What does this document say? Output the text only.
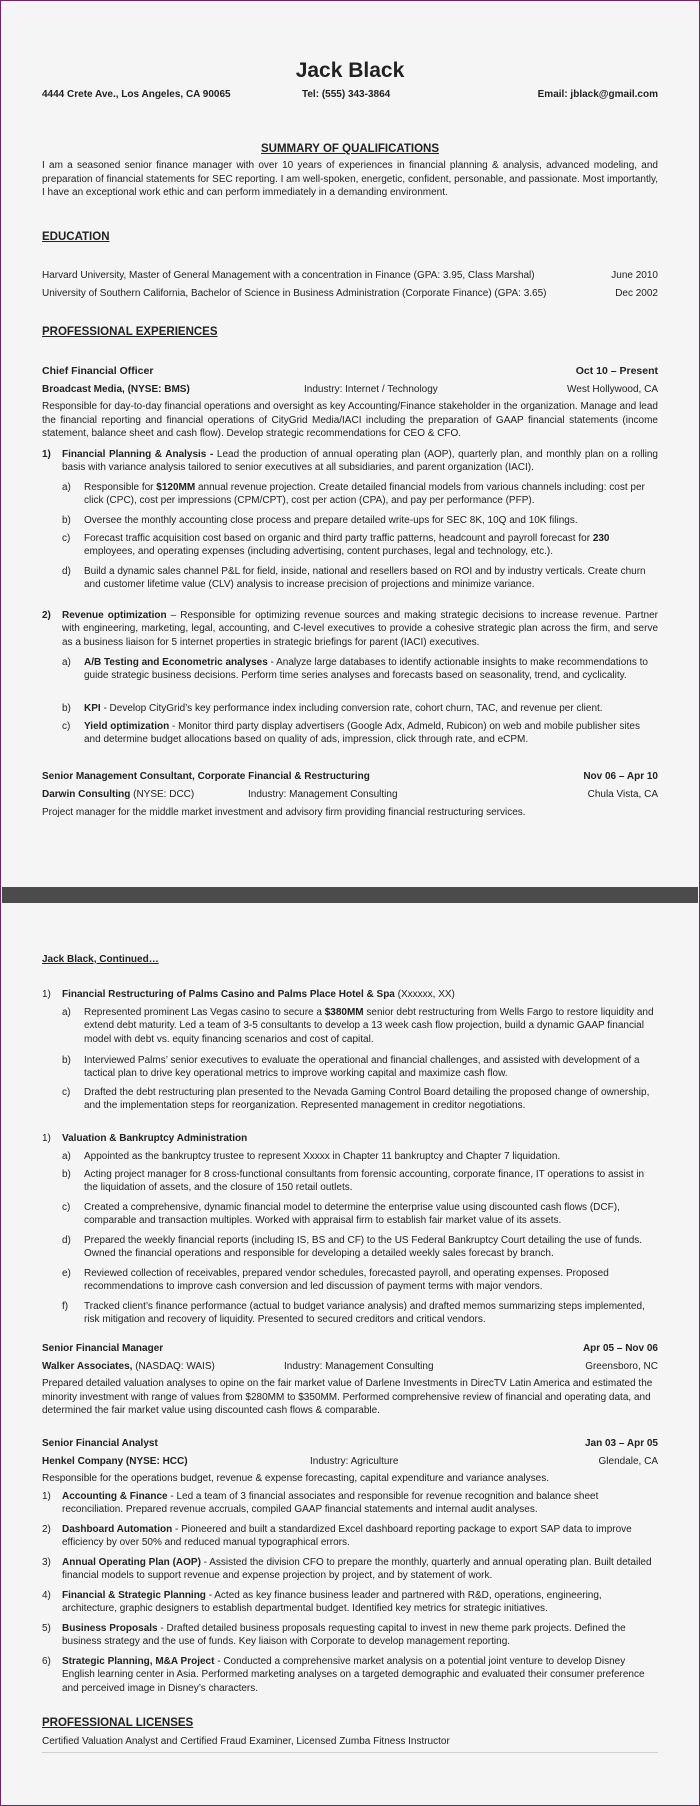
Jack Black
4444 Crete Ave., Los Angeles, CA 90065	Tel: (555) 343-3864	Email: jblack@gmail.com
SUMMARY OF QUALIFICATIONS
I am a seasoned senior finance manager with over 10 years of experiences in financial planning & analysis, advanced modeling, and preparation of financial statements for SEC reporting. I am well-spoken, energetic, confident, personable, and passionate. Most importantly, I have an exceptional work ethic and can perform immediately in a demanding environment.
EDUCATION
Harvard University, Master of General Management with a concentration in Finance (GPA: 3.95, Class Marshal)	June 2010
University of Southern California, Bachelor of Science in Business Administration (Corporate Finance) (GPA: 3.65)	Dec 2002
PROFESSIONAL EXPERIENCES
Chief Financial Officer	Oct 10 – Present
Broadcast Media, (NYSE: BMS)	Industry: Internet / Technology	West Hollywood, CA
Responsible for day-to-day financial operations and oversight as key Accounting/Finance stakeholder in the organization. Manage and lead the financial reporting and financial operations of CityGrid Media/IACI including the preparation of GAAP financial statements (income statement, balance sheet and cash flow). Develop strategic recommendations for CEO & CFO.
1) Financial Planning & Analysis - Lead the production of annual operating plan (AOP), quarterly plan, and monthly plan on a rolling basis with variance analysis tailored to senior executives at all subsidiaries, and parent organization (IACI).
a) Responsible for $120MM annual revenue projection. Create detailed financial models from various channels including: cost per click (CPC), cost per impressions (CPM/CPT), cost per action (CPA), and pay per performance (PFP).
b) Oversee the monthly accounting close process and prepare detailed write-ups for SEC 8K, 10Q and 10K filings.
c) Forecast traffic acquisition cost based on organic and third party traffic patterns, headcount and payroll forecast for 230 employees, and operating expenses (including advertising, content purchases, legal and technology, etc.).
d) Build a dynamic sales channel P&L for field, inside, national and resellers based on ROI and by industry verticals. Create churn and customer lifetime value (CLV) analysis to increase precision of projections and minimize variance.
2) Revenue optimization – Responsible for optimizing revenue sources and making strategic decisions to increase revenue. Partner with engineering, marketing, legal, accounting, and C-level executives to provide a cohesive strategic plan across the firm, and serve as a business liaison for 5 internet properties in strategic briefings for parent (IACI) executives.
a) A/B Testing and Econometric analyses - Analyze large databases to identify actionable insights to make recommendations to guide strategic business decisions. Perform time series analyses and forecasts based on seasonality, trend, and cyclicality.
b) KPI - Develop CityGrid’s key performance index including conversion rate, cohort churn, TAC, and revenue per client.
c) Yield optimization - Monitor third party display advertisers (Google Adx, Admeld, Rubicon) on web and mobile publisher sites and determine budget allocations based on quality of ads, impression, click through rate, and eCPM.
Senior Management Consultant, Corporate Financial & Restructuring	Nov 06 – Apr 10
Darwin Consulting (NYSE: DCC)	Industry: Management Consulting	Chula Vista, CA
Project manager for the middle market investment and advisory firm providing financial restructuring services.
Jack Black, Continued…
1) Financial Restructuring of Palms Casino and Palms Place Hotel & Spa (Xxxxxx, XX)
a) Represented prominent Las Vegas casino to secure a $380MM senior debt restructuring from Wells Fargo to restore liquidity and extend debt maturity. Led a team of 3-5 consultants to develop a 13 week cash flow projection, build a dynamic GAAP financial model with debt vs. equity financing scenarios and cost of capital.
b) Interviewed Palms’ senior executives to evaluate the operational and financial challenges, and assisted with development of a tactical plan to drive key operational metrics to improve working capital and maximize cash flow.
c) Drafted the debt restructuring plan presented to the Nevada Gaming Control Board detailing the proposed change of ownership, and the implementation steps for reorganization. Represented management in creditor negotiations.
1) Valuation & Bankruptcy Administration
a) Appointed as the bankruptcy trustee to represent Xxxxx in Chapter 11 bankruptcy and Chapter 7 liquidation.
b) Acting project manager for 8 cross-functional consultants from forensic accounting, corporate finance, IT operations to assist in the liquidation of assets, and the closure of 150 retail outlets.
c) Created a comprehensive, dynamic financial model to determine the enterprise value using discounted cash flows (DCF), comparable and transaction multiples. Worked with appraisal firm to establish fair market value of its assets.
d) Prepared the weekly financial reports (including IS, BS and CF) to the US Federal Bankruptcy Court detailing the use of funds. Owned the financial operations and responsible for developing a detailed weekly sales forecast by branch.
e) Reviewed collection of receivables, prepared vendor schedules, forecasted payroll, and operating expenses. Proposed recommendations to improve cash conversion and led discussion of payment terms with major vendors.
f) Tracked client’s finance performance (actual to budget variance analysis) and drafted memos summarizing steps implemented, risk mitigation and recovery of liquidity. Presented to secured creditors and critical vendors.
Senior Financial Manager	Apr 05 – Nov 06
Walker Associates, (NASDAQ: WAIS)	Industry: Management Consulting	Greensboro, NC
Prepared detailed valuation analyses to opine on the fair market value of Darlene Investments in DirecTV Latin America and estimated the minority investment with range of values from $280MM to $350MM. Performed comprehensive review of financial and operating data, and determined the fair market value using discounted cash flows & comparable.
Senior Financial Analyst	Jan 03 – Apr 05
Henkel Company (NYSE: HCC)	Industry: Agriculture	Glendale, CA
Responsible for the operations budget, revenue & expense forecasting, capital expenditure and variance analyses.
1) Accounting & Finance - Led a team of 3 financial associates and responsible for revenue recognition and balance sheet reconciliation. Prepared revenue accruals, compiled GAAP financial statements and internal audit analyses.
2) Dashboard Automation - Pioneered and built a standardized Excel dashboard reporting package to export SAP data to improve efficiency by over 50% and reduced manual typographical errors.
3) Annual Operating Plan (AOP) - Assisted the division CFO to prepare the monthly, quarterly and annual operating plan. Built detailed financial models to support revenue and expense projection by project, and by statement of work.
4) Financial & Strategic Planning - Acted as key finance business leader and partnered with R&D, operations, engineering, architecture, graphic designers to establish departmental budget. Identified key metrics for strategic initiatives.
5) Business Proposals - Drafted detailed business proposals requesting capital to invest in new theme park projects. Defined the business strategy and the use of funds. Key liaison with Corporate to develop management reporting.
6) Strategic Planning, M&A Project - Conducted a comprehensive market analysis on a potential joint venture to develop Disney English learning center in Asia. Performed marketing analyses on a targeted demographic and evaluated their consumer preference and perceived image in Disney’s characters.
PROFESSIONAL LICENSES
Certified Valuation Analyst and Certified Fraud Examiner, Licensed Zumba Fitness Instructor
